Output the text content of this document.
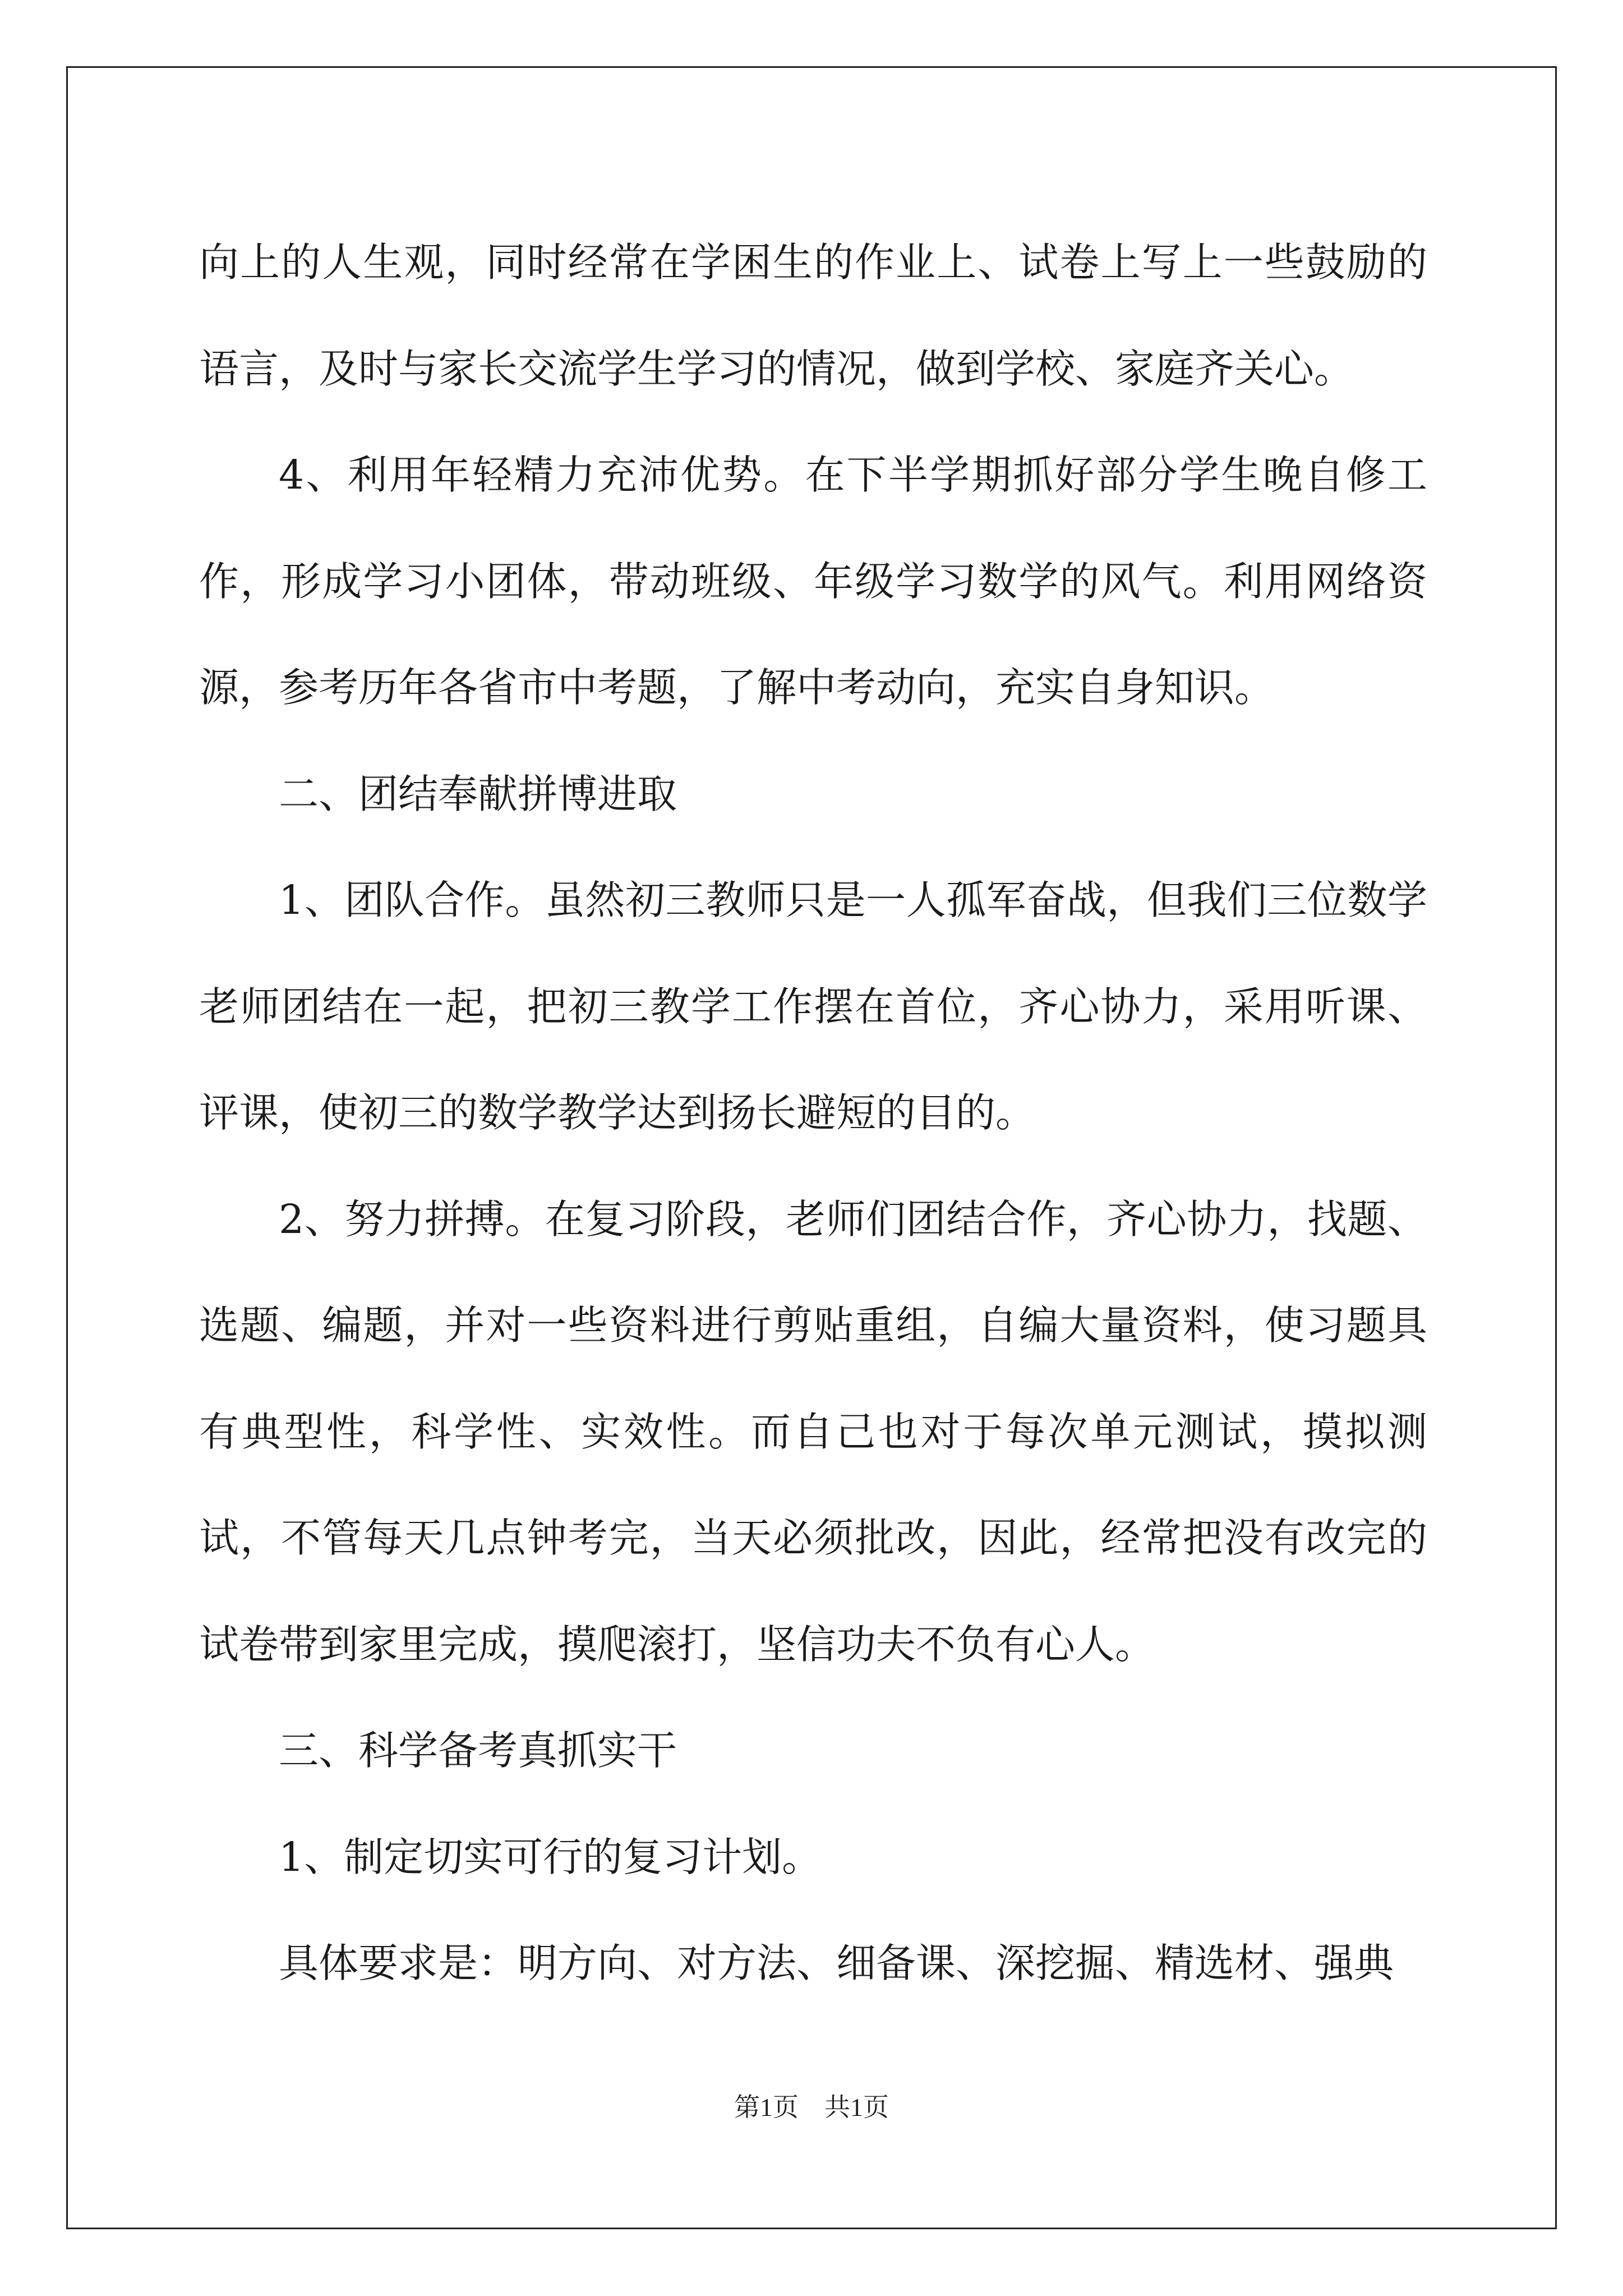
向上的人生观，同时经常在学困生的作业上、试卷上写上一些鼓励的语言，及时与家长交流学生学习的情况，做到学校、家庭齐关心。

4、利用年轻精力充沛优势。在下半学期抓好部分学生晚自修工作，形成学习小团体，带动班级、年级学习数学的风气。利用网络资源，参考历年各省市中考题，了解中考动向，充实自身知识。

二、团结奉献拼博进取

1、团队合作。虽然初三教师只是一人孤军奋战，但我们三位数学老师团结在一起，把初三教学工作摆在首位，齐心协力，采用听课、评课，使初三的数学教学达到扬长避短的目的。

2、努力拼搏。在复习阶段，老师们团结合作，齐心协力，找题、选题、编题，并对一些资料进行剪贴重组，自编大量资料，使习题具有典型性，科学性、实效性。而自己也对于每次单元测试，摸拟测试，不管每天几点钟考完，当天必须批改，因此，经常把没有改完的试卷带到家里完成，摸爬滚打，坚信功夫不负有心人。

三、科学备考真抓实干

1、制定切实可行的复习计划。

具体要求是：明方向、对方法、细备课、深挖掘、精选材、强典

第1页 共1页
